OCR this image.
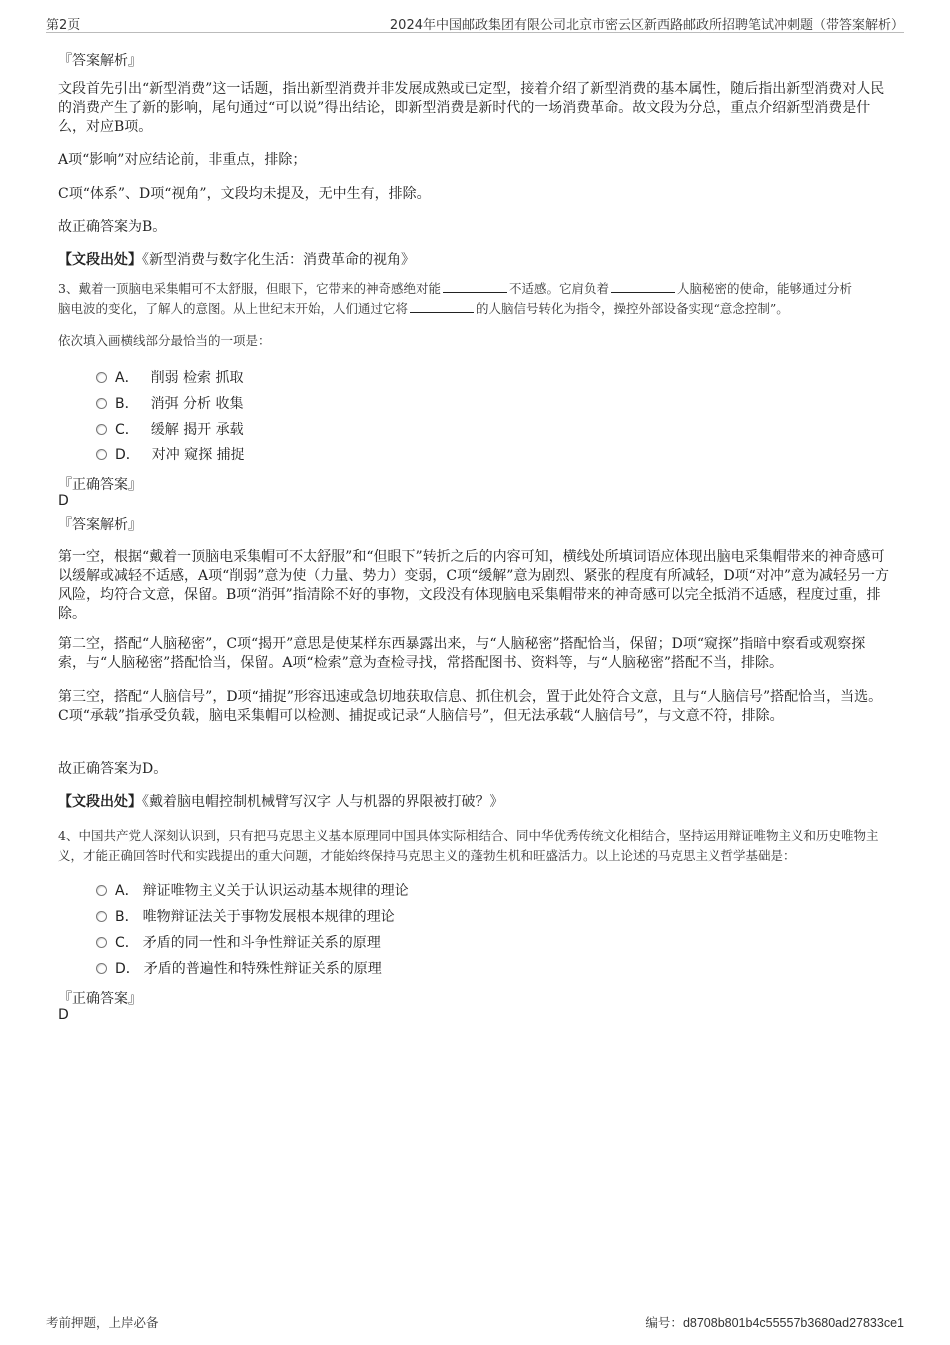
第2页	2024年中国邮政集团有限公司北京市密云区新西路邮政所招聘笔试冲刺题（带答案解析）
『答案解析』
文段首先引出“新型消费”这一话题，指出新型消费并非发展成熟或已定型，接着介绍了新型消费的基本属性，随后指出新型消费对人民的消费产生了新的影响，尾句通过“可以说”得出结论，即新型消费是新时代的一场消费革命。故文段为分总，重点介绍新型消费是什么，对应B项。
A项“影响”对应结论前，非重点，排除；
C项“体系”、D项“视角”，文段均未提及，无中生有，排除。
故正确答案为B。
【文段出处】《新型消费与数字化生活：消费革命的视角》
3、戴着一顶脑电采集帽可不太舒服，但眼下，它带来的神奇感绝对能	不适感。它肩负着	人脑秘密的使命，能够通过分析
脑电波的变化，了解人的意图。从上世纪末开始，人们通过它将	的人脑信号转化为指令，操控外部设备实现“意念控制”。
依次填入画横线部分最恰当的一项是：
A． 削弱 检索 抓取
B． 消弭 分析 收集
C． 缓解 揭开 承载
D． 对冲 窥探 捕捉
『正确答案』
D
『答案解析』
第一空，根据“戴着一顶脑电采集帽可不太舒服”和“但眼下”转折之后的内容可知，横线处所填词语应体现出脑电采集帽带来的神奇感可以缓解或减轻不适感，A项“削弱”意为使（力量、势力）变弱，C项“缓解”意为剧烈、紧张的程度有所减轻，D项“对冲”意为减轻另一方风险，均符合文意，保留。B项“消弭”指清除不好的事物，文段没有体现脑电采集帽带来的神奇感可以完全抵消不适感，程度过重，排除。
第二空，搭配“人脑秘密”，C项“揭开”意思是使某样东西暴露出来，与“人脑秘密”搭配恰当，保留；D项“窥探”指暗中察看或观察探索，与“人脑秘密”搭配恰当，保留。A项“检索”意为查检寻找，常搭配图书、资料等，与“人脑秘密”搭配不当，排除。
第三空，搭配“人脑信号”，D项“捕捉”形容迅速或急切地获取信息、抓住机会，置于此处符合文意，且与“人脑信号”搭配恰当，当选。C项“承载”指承受负载，脑电采集帽可以检测、捕捉或记录“人脑信号”，但无法承载“人脑信号”，与文意不符，排除。
故正确答案为D。
【文段出处】《戴着脑电帽控制机械臂写汉字 人与机器的界限被打破？》
4、中国共产党人深刻认识到，只有把马克思主义基本原理同中国具体实际相结合、同中华优秀传统文化相结合，坚持运用辩证唯物主义和历史唯物主义，才能正确回答时代和实践提出的重大问题，才能始终保持马克思主义的蓬勃生机和旺盛活力。以上论述的马克思主义哲学基础是：
A． 辩证唯物主义关于认识运动基本规律的理论
B． 唯物辩证法关于事物发展根本规律的理论
C． 矛盾的同一性和斗争性辩证关系的原理
D． 矛盾的普遍性和特殊性辩证关系的原理
『正确答案』
D
考前押题，上岸必备	编号：d8708b801b4c55557b3680ad27833ce1
